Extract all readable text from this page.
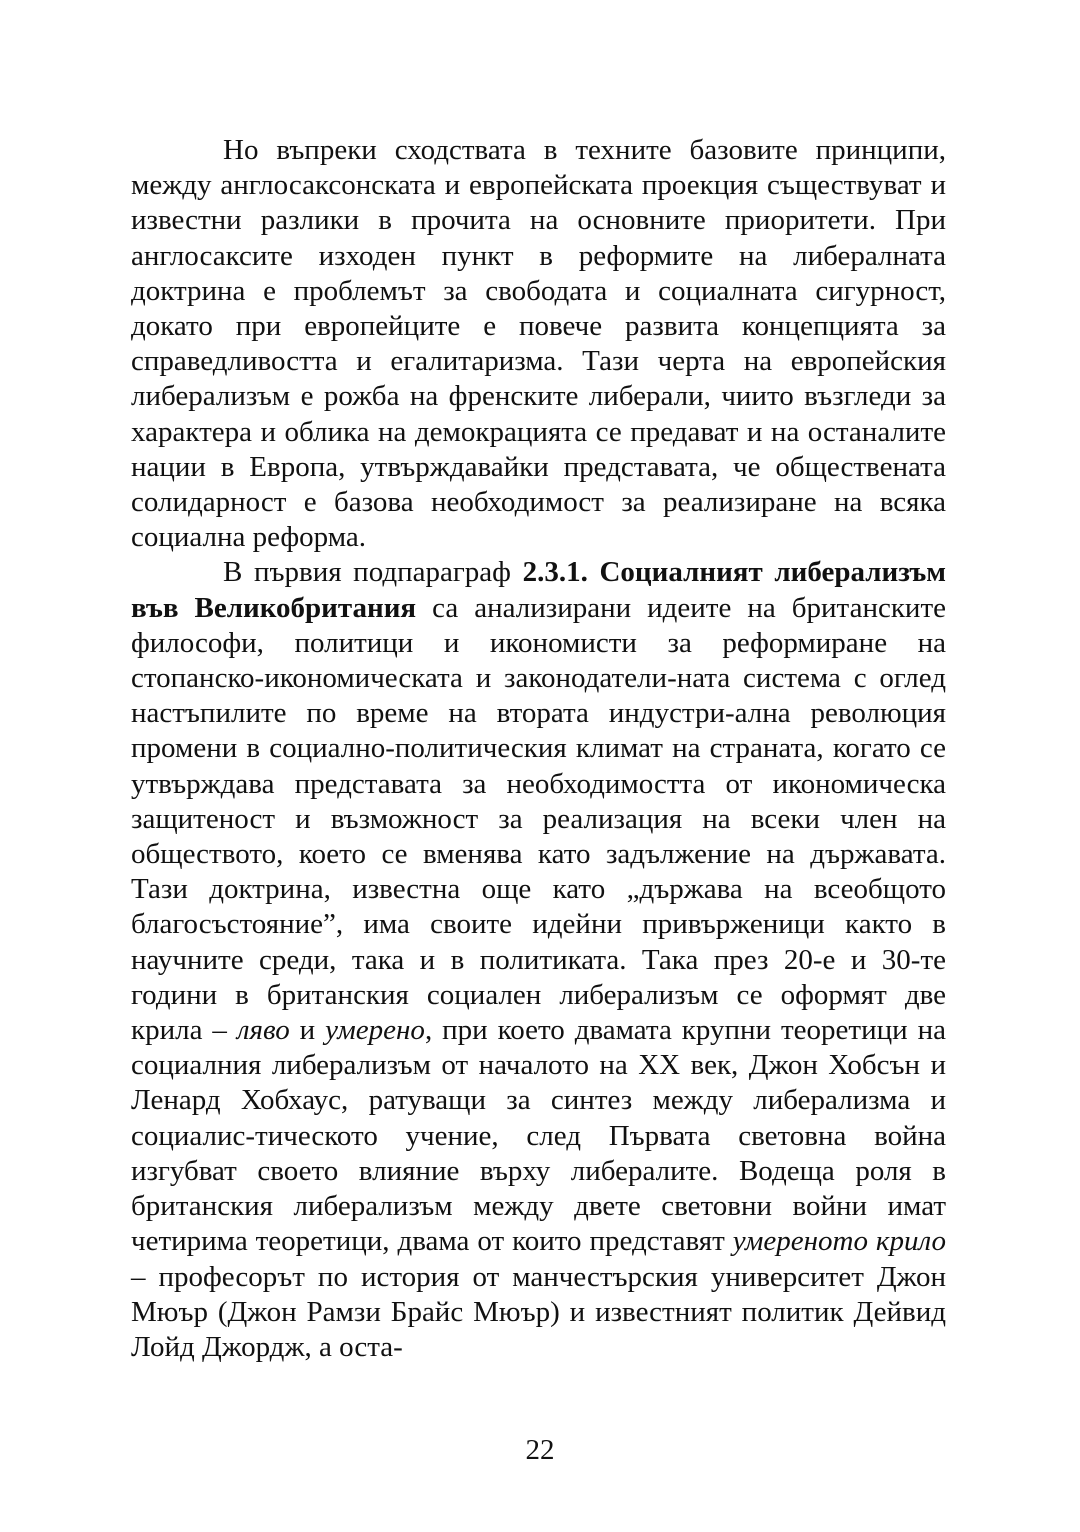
Но въпреки сходствата в техните базовите принципи, между англосаксонската и европейската проекция съществуват и известни разлики в прочита на основните приоритети. При англосаксите изходен пункт в реформите на либералната доктрина е проблемът за свободата и социалната сигурност, докато при европейците е повече развита концепцията за справедливостта и егалитаризма. Тази черта на европейския либерализъм е рожба на френските либерали, чиито възгледи за характера и облика на демокрацията се предават и на останалите нации в Европа, утвърждавайки представата, че обществената солидарност е базова необходимост за реализиране на всяка социална реформа.

В първия подпараграф 2.3.1. Социалният либерализъм във Великобритания са анализирани идеите на британските философи, политици и икономисти за реформиране на стопанско-икономическата и законодатели-ната система с оглед настъпилите по време на втората индустри-ална революция промени в социално-политическия климат на страната, когато се утвърждава представата за необходимостта от икономическа защитеност и възможност за реализация на всеки член на обществото, което се вменява като задължение на държавата. Тази доктрина, известна още като „държава на всеобщото благосъстояние”, има своите идейни привърженици както в научните среди, така и в политиката. Така през 20-е и 30-те години в британския социален либерализъм се оформят две крила – ляво и умерено, при което двамата крупни теоретици на социалния либерализъм от началото на XX век, Джон Хобсън и Ленард Хобхаус, ратуващи за синтез между либерализма и социалис-тическото учение, след Първата световна война изгубват своето влияние върху либералите. Водеща роля в британския либерализъм между двете световни войни имат четирима теоретици, двама от които представят умереното крило – професорът по история от манчестърския университет Джон Мюър (Джон Рамзи Брайс Мюър) и известният политик Дейвид Лойд Джордж, а оста-

22
